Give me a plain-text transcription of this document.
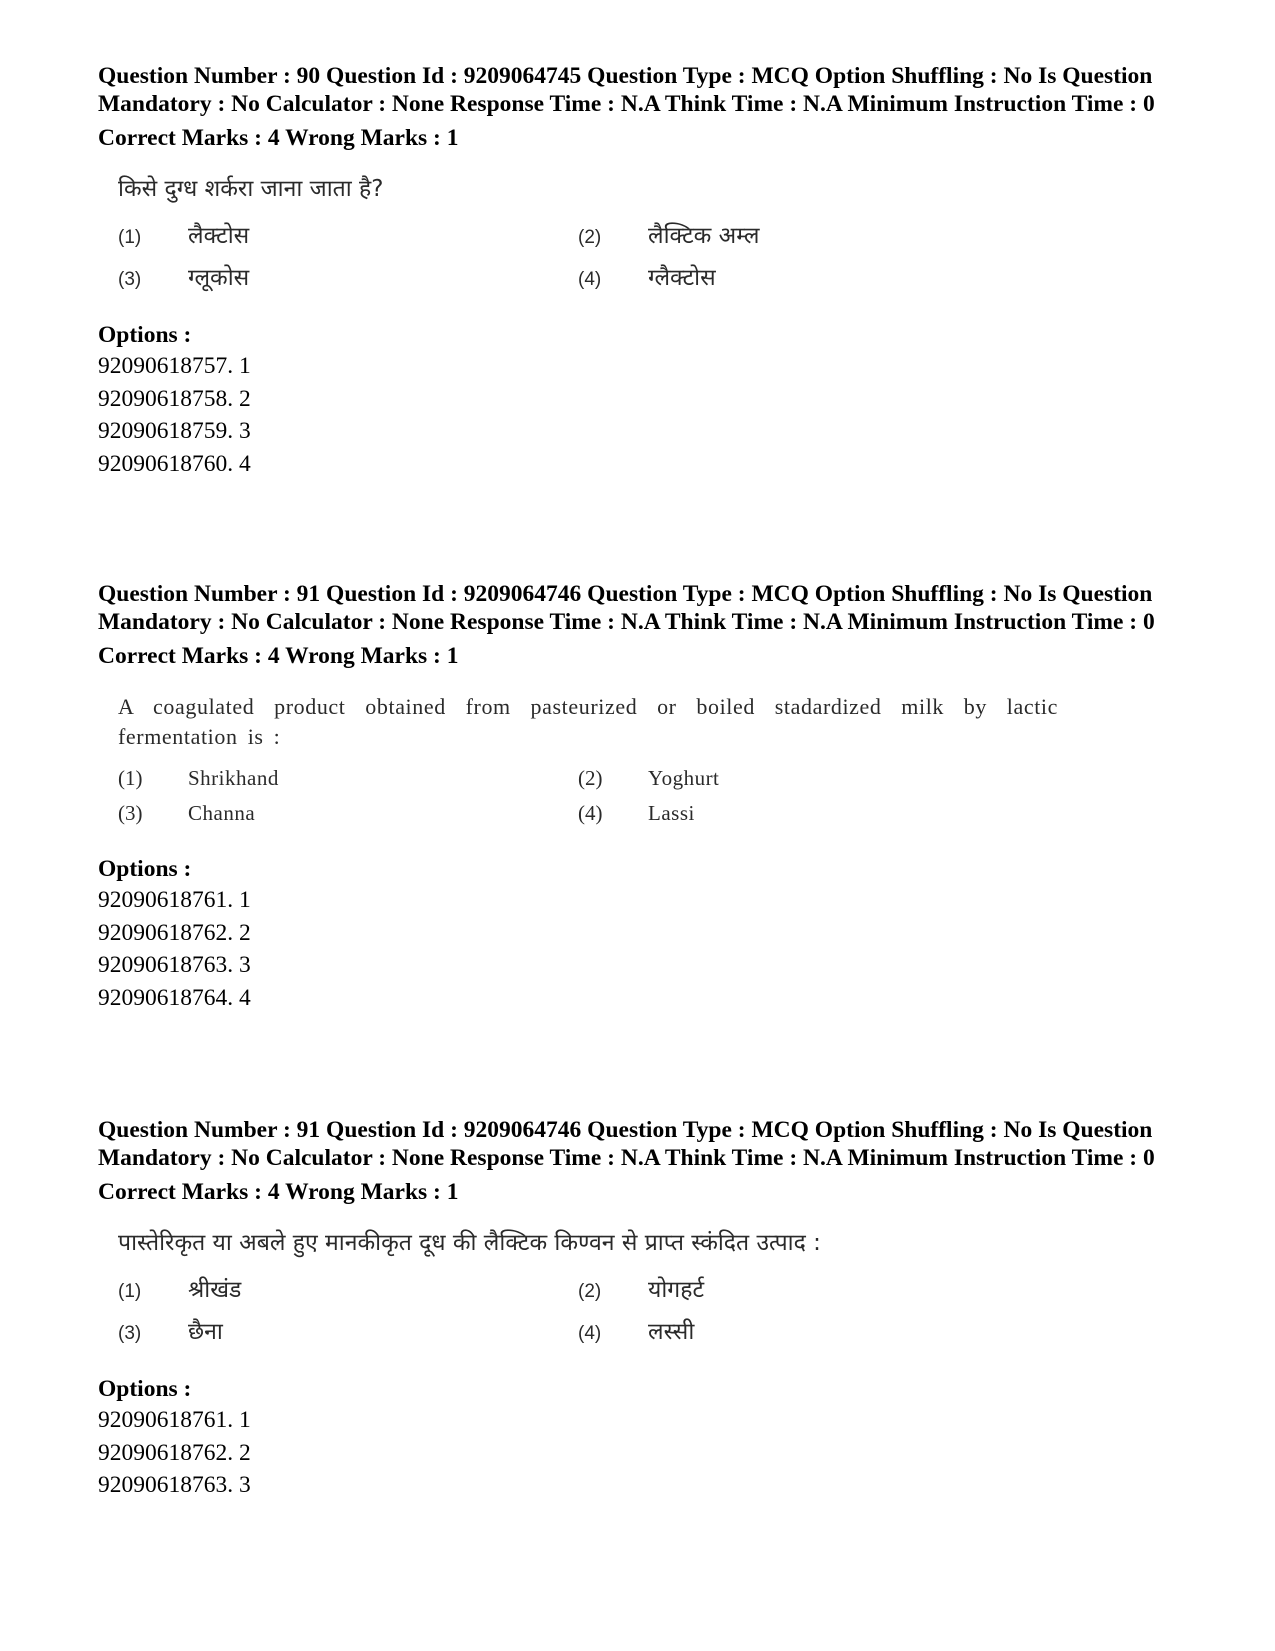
Question Number : 90 Question Id : 9209064745 Question Type : MCQ Option Shuffling : No Is Question Mandatory : No Calculator : None Response Time : N.A Think Time : N.A Minimum Instruction Time : 0

Correct Marks : 4 Wrong Marks : 1
किसे दुग्ध शर्करा जाना जाता है?
(1)	लैक्टोस	(2)	लैक्टिक अम्ल
(3)	ग्लूकोस	(4)	ग्लैक्टोस
Options :
92090618757. 1
92090618758. 2
92090618759. 3
92090618760. 4

Question Number : 91 Question Id : 9209064746 Question Type : MCQ Option Shuffling : No Is Question Mandatory : No Calculator : None Response Time : N.A Think Time : N.A Minimum Instruction Time : 0

Correct Marks : 4 Wrong Marks : 1
A coagulated product obtained from pasteurized or boiled stadardized milk by lactic fermentation is :
(1)	Shrikhand	(2)	Yoghurt
(3)	Channa	(4)	Lassi
Options :
92090618761. 1
92090618762. 2
92090618763. 3
92090618764. 4

Question Number : 91 Question Id : 9209064746 Question Type : MCQ Option Shuffling : No Is Question Mandatory : No Calculator : None Response Time : N.A Think Time : N.A Minimum Instruction Time : 0

Correct Marks : 4 Wrong Marks : 1
पास्तेरिकृत या अबले हुए मानकीकृत दूध की लैक्टिक किण्वन से प्राप्त स्कंदित उत्पाद :
(1)	श्रीखंड	(2)	योगहर्ट
(3)	छैना	(4)	लस्सी
Options :
92090618761. 1
92090618762. 2
92090618763. 3
